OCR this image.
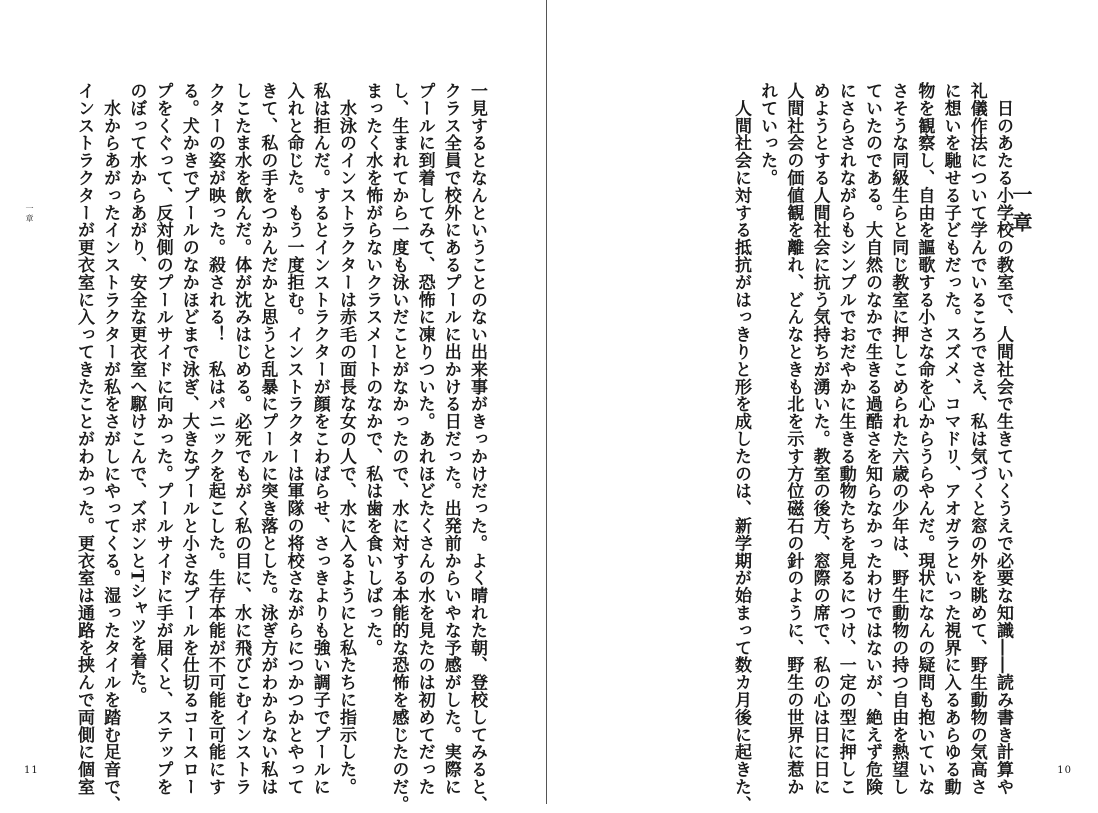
一見するとなんということのない出来事がきっかけだった。よく晴れた朝、登校してみると、
クラス全員で校外にあるプールに出かける日だった。出発前からいやな予感がした。実際に
プールに到着してみて、恐怖に凍りついた。あれほどたくさんの水を見たのは初めてだった
し、生まれてから一度も泳いだことがなかったので、水に対する本能的な恐怖を感じたのだ。
まったく水を怖がらないクラスメートのなかで、私は歯を食いしばった。
　水泳のインストラクターは赤毛の面長な女の人で、水に入るようにと私たちに指示した。
私は拒んだ。するとインストラクターが顔をこわばらせ、さっきよりも強い調子でプールに
入れと命じた。もう一度拒む。インストラクターは軍隊の将校さながらにつかつかとやって
きて、私の手をつかんだかと思うと乱暴にプールに突き落とした。泳ぎ方がわからない私は
しこたま水を飲んだ。体が沈みはじめる。必死でもがく私の目に、水に飛びこむインストラ
クターの姿が映った。殺される！　私はパニックを起こした。生存本能が不可能を可能にす
る。犬かきでプールのなかほどまで泳ぎ、大きなプールと小さなプールを仕切るコースロー
プをくぐって、反対側のプールサイドに向かった。プールサイドに手が届くと、ステップを
のぼって水からあがり、安全な更衣室へ駆けこんで、ズボンとTシャツを着た。
　水からあがったインストラクターが私をさがしにやってくる。湿ったタイルを踏む足音で、
インストラクターが更衣室に入ってきたことがわかった。更衣室は通路を挟んで両側に個室
一章
11
一章
　日のあたる小学校の教室で、人間社会で生きていくうえで必要な知識――読み書き計算や
礼儀作法について学んでいるころでさえ、私は気づくと窓の外を眺めて、野生動物の気高さ
に想いを馳せる子どもだった。スズメ、コマドリ、アオガラといった視界に入るあらゆる動
物を観察し、自由を謳歌する小さな命を心からうらやんだ。現状になんの疑問も抱いていな
さそうな同級生らと同じ教室に押しこめられた六歳の少年は、野生動物の持つ自由を熱望し
ていたのである。大自然のなかで生きる過酷さを知らなかったわけではないが、絶えず危険
にさらされながらもシンプルでおだやかに生きる動物たちを見るにつけ、一定の型に押しこ
めようとする人間社会に抗う気持ちが湧いた。教室の後方、窓際の席で、私の心は日に日に
人間社会の価値観を離れ、どんなときも北を示す方位磁石の針のように、野生の世界に惹か
れていった。
　人間社会に対する抵抗がはっきりと形を成したのは、新学期が始まって数カ月後に起きた、	10
